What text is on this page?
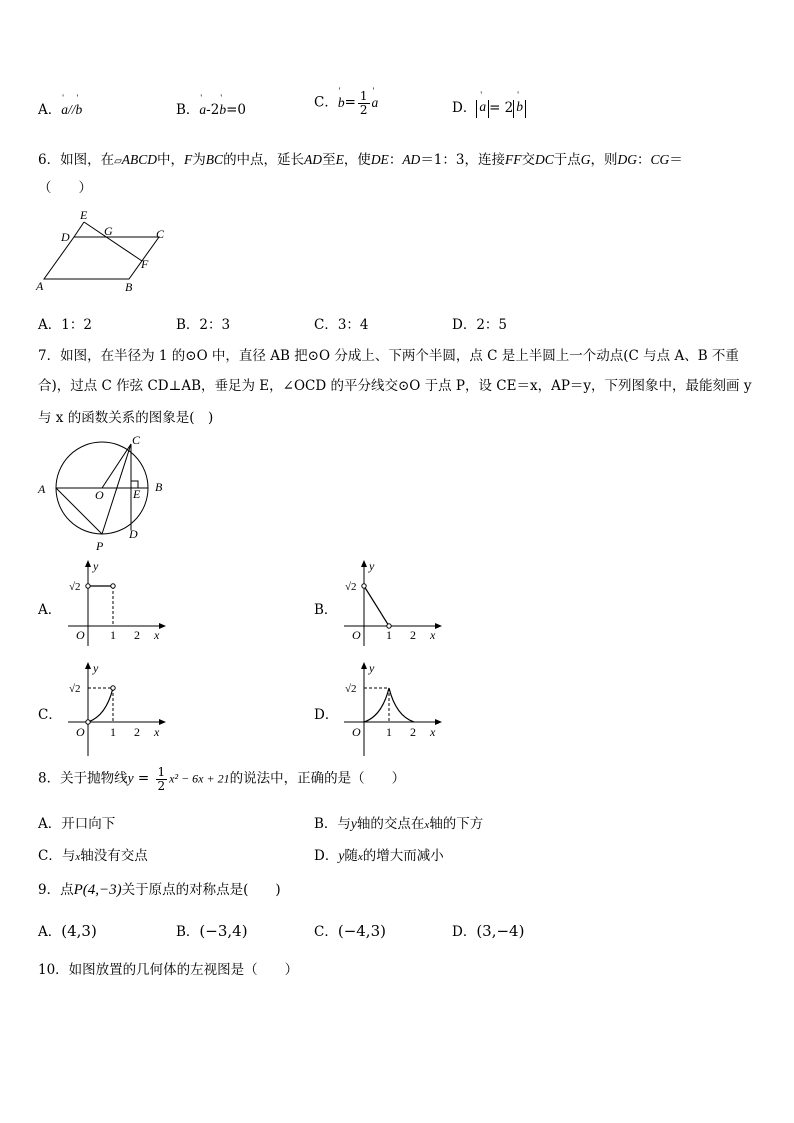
A．' a//' b	B．' a-2' b=0	C．' $b= \frac{1}{2}$ ' a	D． ' a = 2 ' b
6．如图，在▱ABCD中，F为BC的中点，延长AD至E，使DE：AD＝1：3，连接FF交DC于点G，则DG：CG＝
（　　）
E
D	G	C
F
A	B
A．1：2	B．2：3	C．3：4	D．2：5
7．如图，在半径为 1 的⊙O 中，直径 AB 把⊙O 分成上、下两个半圆，点 C 是上半圆上一个动点(C 与点 A、B 不重
合)，过点 C 作弦 CD⊥AB，垂足为 E，∠OCD 的平分线交⊙O 于点 P，设 CE＝x，AP＝y，下列图象中，最能刻画 y
与 x 的函数关系的图象是(　)
A	B
C
D
E
O
P
A．	B．
C．	D．
y
√2
O 1 2 x
y
√2
O 1 2 x
y
√2
O 1 2 x
y
√2
O 1 2 x
8．关于抛物线$y = \frac{1}{2} x^2 - 6x + 21$的说法中，正确的是（　　）
A．开口向下	B．与y轴的交点在x轴的下方
C．与x轴没有交点	D．y随x的增大而减小
9．点P(4,−3)关于原点的对称点是(　　)
A．(4,3)	B．(−3,4)	C．(−4,3)	D．(3,−4)
10．如图放置的几何体的左视图是（　　）
